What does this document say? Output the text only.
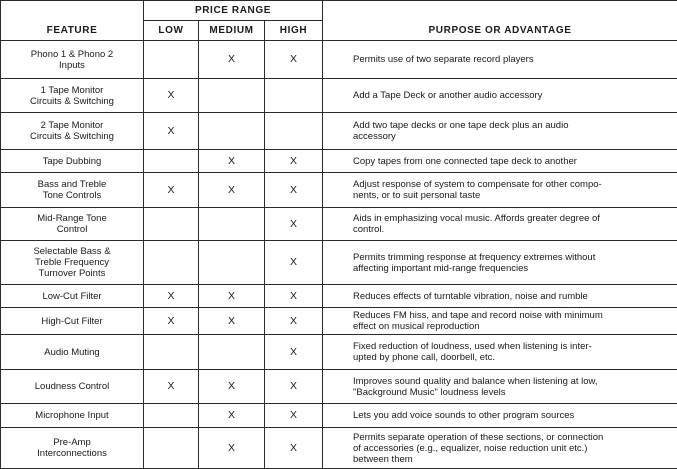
FEATURE	PRICE RANGE			PURPOSE OR ADVANTAGE
	LOW	MEDIUM	HIGH	
Phono 1 & Phono 2
Inputs		X	X	Permits use of two separate record players
1 Tape Monitor
Circuits & Switching	X			Add a Tape Deck or another audio accessory
2 Tape Monitor
Circuits & Switching	X			Add two tape decks or one tape deck plus an audio
accessory
Tape Dubbing		X	X	Copy tapes from one connected tape deck to another
Bass and Treble
Tone Controls	X	X	X	Adjust response of system to compensate for other compo-
nents, or to suit personal taste
Mid-Range Tone
Control			X	Aids in emphasizing vocal music. Affords greater degree of
control.
Selectable Bass &
Treble Frequency
Turnover Points			X	Permits trimming response at frequency extremes without
affecting important mid-range frequencies
Low-Cut Filter	X	X	X	Reduces effects of turntable vibration, noise and rumble
High-Cut Filter	X	X	X	Reduces FM hiss, and tape and record noise with minimum
effect on musical reproduction
Audio Muting			X	Fixed reduction of loudness, used when listening is inter-
upted by phone call, doorbell, etc.
Loudness Control	X	X	X	Improves sound quality and balance when listening at low,
"Background Music" loudness levels
Microphone Input		X	X	Lets you add voice sounds to other program sources
Pre-Amp
Interconnections		X	X	Permits separate operation of these sections, or connection
of accessories (e.g., equalizer, noise reduction unit etc.)
between them
